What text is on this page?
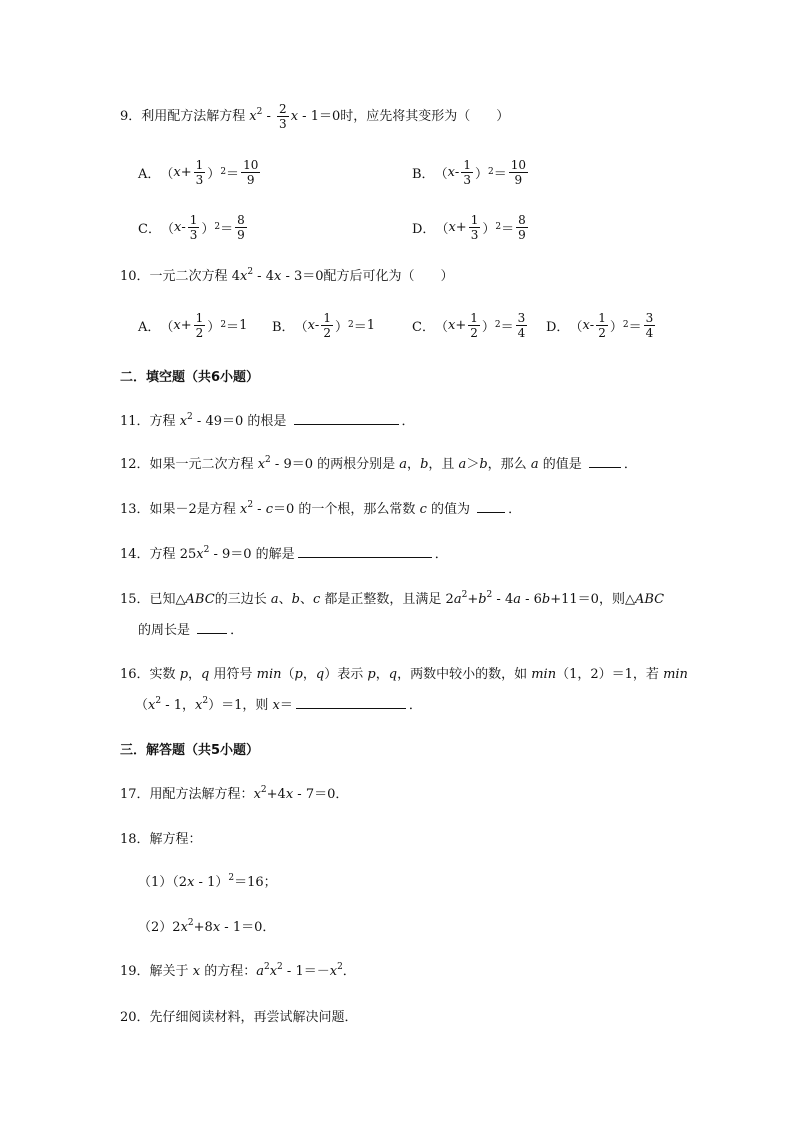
9．利用配方法解方程 $x^2 - \frac{2}{3}$ x - 1＝0时，应先将其变形为（　　）
A． （ $x + \frac{1}{3}$ ） $2 = \frac{10}{9}$	B． （ x - $\frac{1}{3}$ ） $2 = \frac{10}{9}$
C． （ x - $\frac{1}{3}$ ） $2 = \frac{8}{9}$	D． （ $x + \frac{1}{3}$ ） $2 = \frac{8}{9}$
10．一元二次方程 $4x^2 - 4x - 3=0$配方后可化为（　　）
A． （ $x + \frac{1}{2}$ ） 2 ＝ 1 B． （ x - $\frac{1}{2}$ ） 2 ＝ 1	C． （ $x + \frac{1}{2}$ ） $2 = \frac{3}{4}$ D． （ x - $\frac{1}{2}$ ） $2 = \frac{3}{4}$
二．填空题（共6小题）
11．方程 $x^2 - 49=0$ 的根是	．
12．如果一元二次方程 $x^2 - 9=0$ 的两根分别是 a，b，且 a＞b，那么 a 的值是	．
13．如果－2是方程 $x^2 - c=0$ 的一个根，那么常数 c 的值为	．
14．方程 $25x^2 - 9=0$ 的解是	．
15．已知△ABC的三边长 a、b、c 都是正整数，且满足 $2a^2+b^2 - 4a - 6b+11=0$，则△ABC
的周长是	．
16．实数 p，q 用符号 min（p，q）表示 p，q，两数中较小的数，如 min（1，2）＝1，若 min
（$x^2 - 1$，$x^2)=1$，则 x＝	．
三．解答题（共5小题）
17．用配方法解方程：$x^2+4x - 7=0$．
18．解方程：
（1）（2x - 1）$^2$＝16；
$(2)2x^2+8x - 1=0$．
19．解关于 x 的方程：$a^2x^2 - 1=-x^2$．
20．先仔细阅读材料，再尝试解决问题．
